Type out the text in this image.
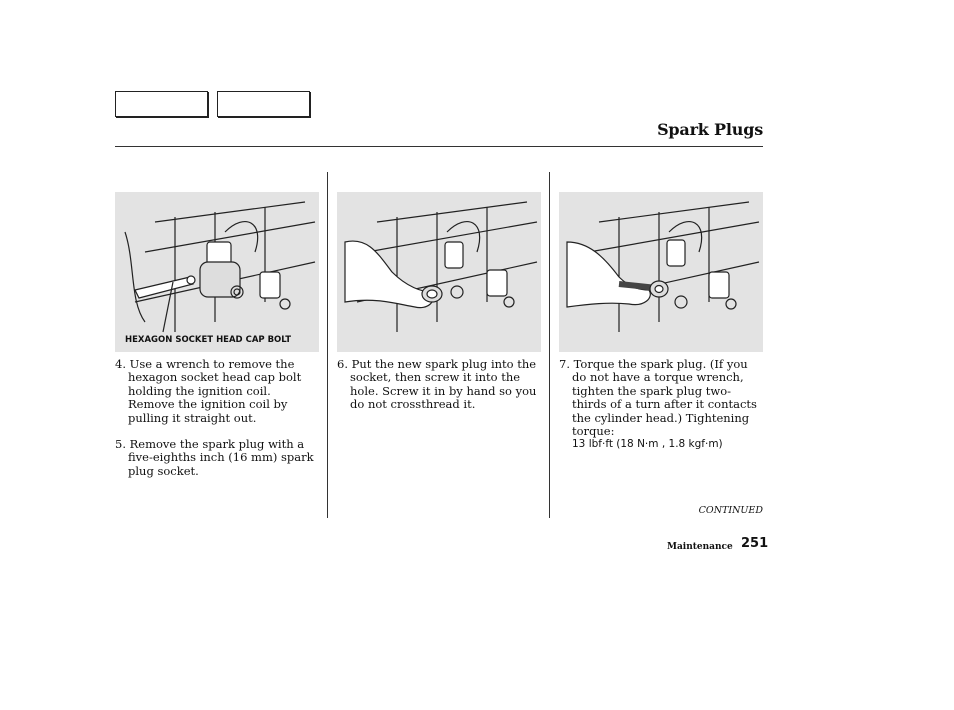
Spark Plugs
HEXAGON SOCKET HEAD CAP BOLT

4. Use a wrench to remove the hexagon socket head cap bolt holding the ignition coil. Remove the ignition coil by pulling it straight out.

5. Remove the spark plug with a five-eighths inch (16 mm) spark plug socket.

6. Put the new spark plug into the socket, then screw it into the hole. Screw it in by hand so you do not crossthread it.

7. Torque the spark plug. (If you do not have a torque wrench, tighten the spark plug two-thirds of a turn after it contacts the cylinder head.) Tightening torque:

13 lbf·ft (18 N·m , 1.8 kgf·m)

CONTINUED
Maintenance 251
